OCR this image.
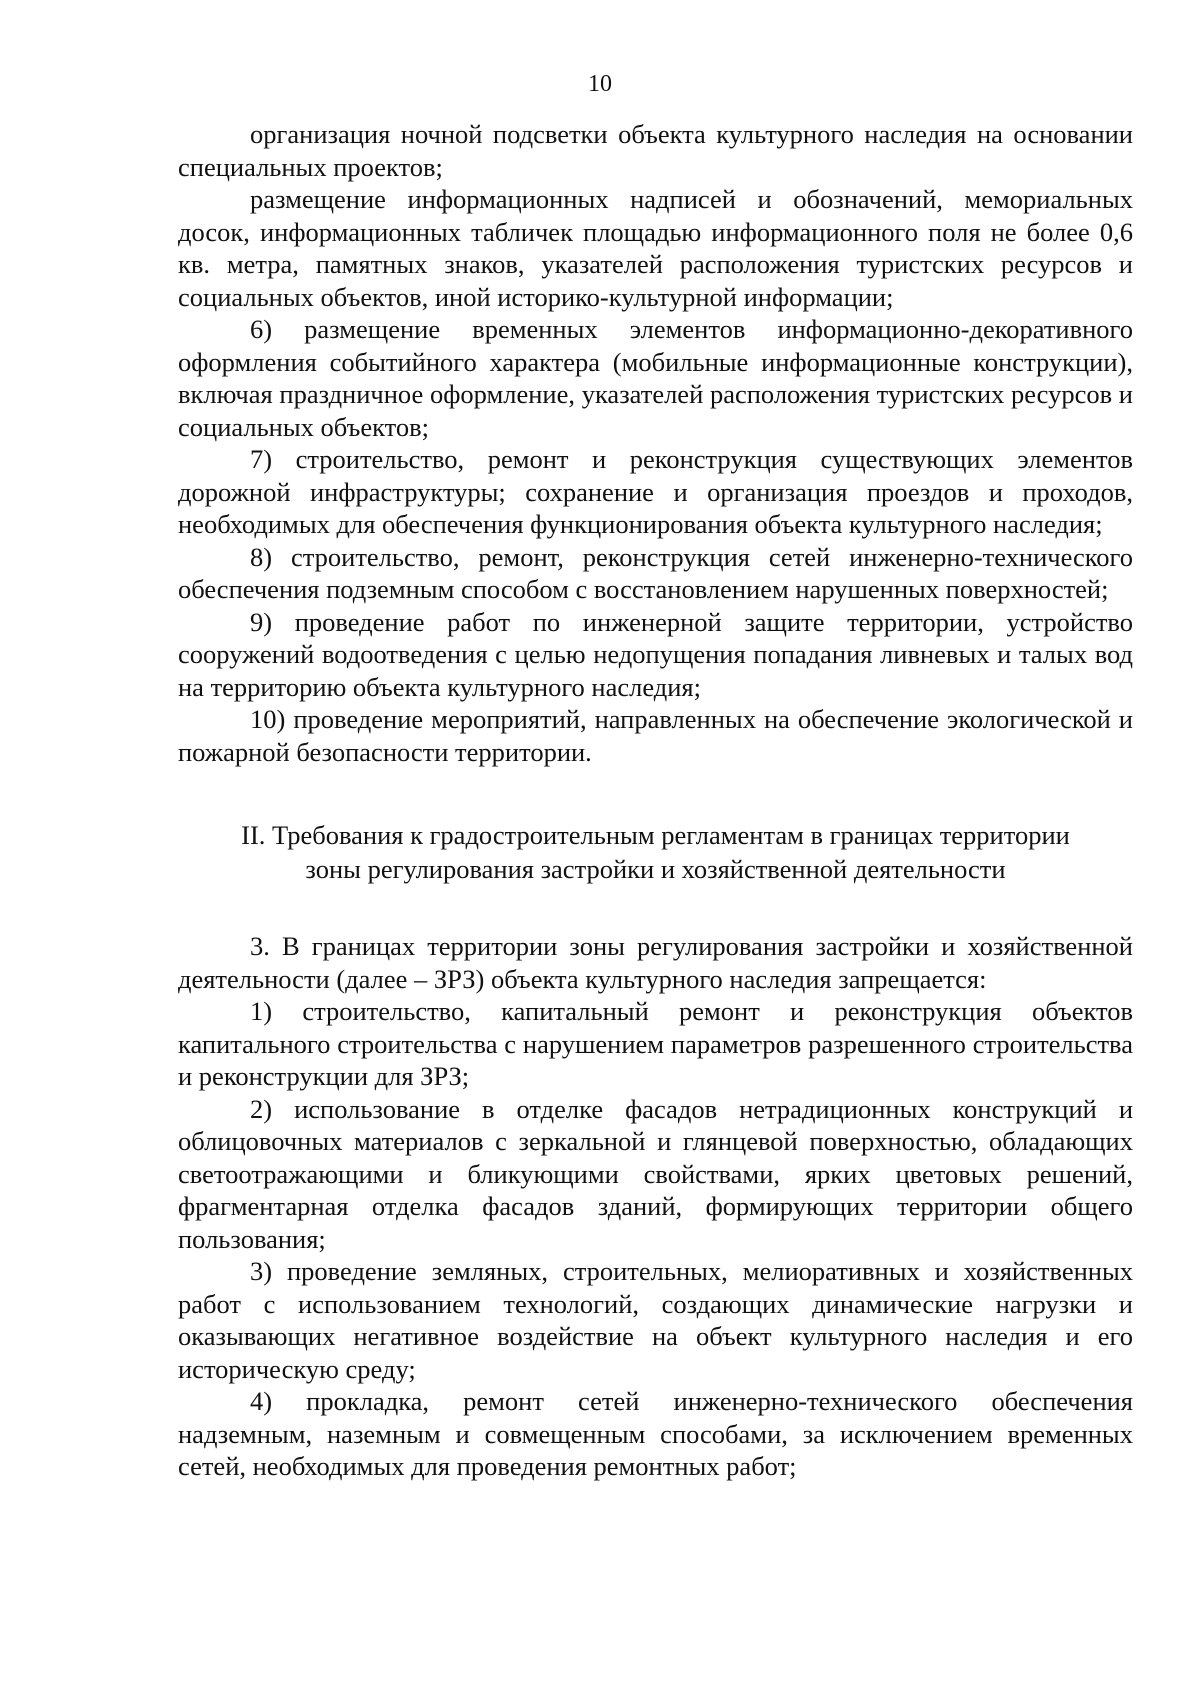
10

организация ночной подсветки объекта культурного наследия на основании специальных проектов;

размещение информационных надписей и обозначений, мемориальных досок, информационных табличек площадью информационного поля не более 0,6 кв. метра, памятных знаков, указателей расположения туристских ресурсов и социальных объектов, иной историко-культурной информации;

6) размещение временных элементов информационно-декоративного оформления событийного характера (мобильные информационные конструкции), включая праздничное оформление, указателей расположения туристских ресурсов и социальных объектов;

7) строительство, ремонт и реконструкция существующих элементов дорожной инфраструктуры; сохранение и организация проездов и проходов, необходимых для обеспечения функционирования объекта культурного наследия;

8) строительство, ремонт, реконструкция сетей инженерно-технического обеспечения подземным способом с восстановлением нарушенных поверхностей;

9) проведение работ по инженерной защите территории, устройство сооружений водоотведения с целью недопущения попадания ливневых и талых вод на территорию объекта культурного наследия;

10) проведение мероприятий, направленных на обеспечение экологической и пожарной безопасности территории.

II. Требования к градостроительным регламентам в границах территории
зоны регулирования застройки и хозяйственной деятельности

3. В границах территории зоны регулирования застройки и хозяйственной деятельности (далее – ЗРЗ) объекта культурного наследия запрещается:

1) строительство, капитальный ремонт и реконструкция объектов капитального строительства с нарушением параметров разрешенного строительства и реконструкции для ЗРЗ;

2) использование в отделке фасадов нетрадиционных конструкций и облицовочных материалов с зеркальной и глянцевой поверхностью, обладающих светоотражающими и бликующими свойствами, ярких цветовых решений, фрагментарная отделка фасадов зданий, формирующих территории общего пользования;

3) проведение земляных, строительных, мелиоративных и хозяйственных работ с использованием технологий, создающих динамические нагрузки и оказывающих негативное воздействие на объект культурного наследия и его историческую среду;

4) прокладка, ремонт сетей инженерно-технического обеспечения надземным, наземным и совмещенным способами, за исключением временных сетей, необходимых для проведения ремонтных работ;
